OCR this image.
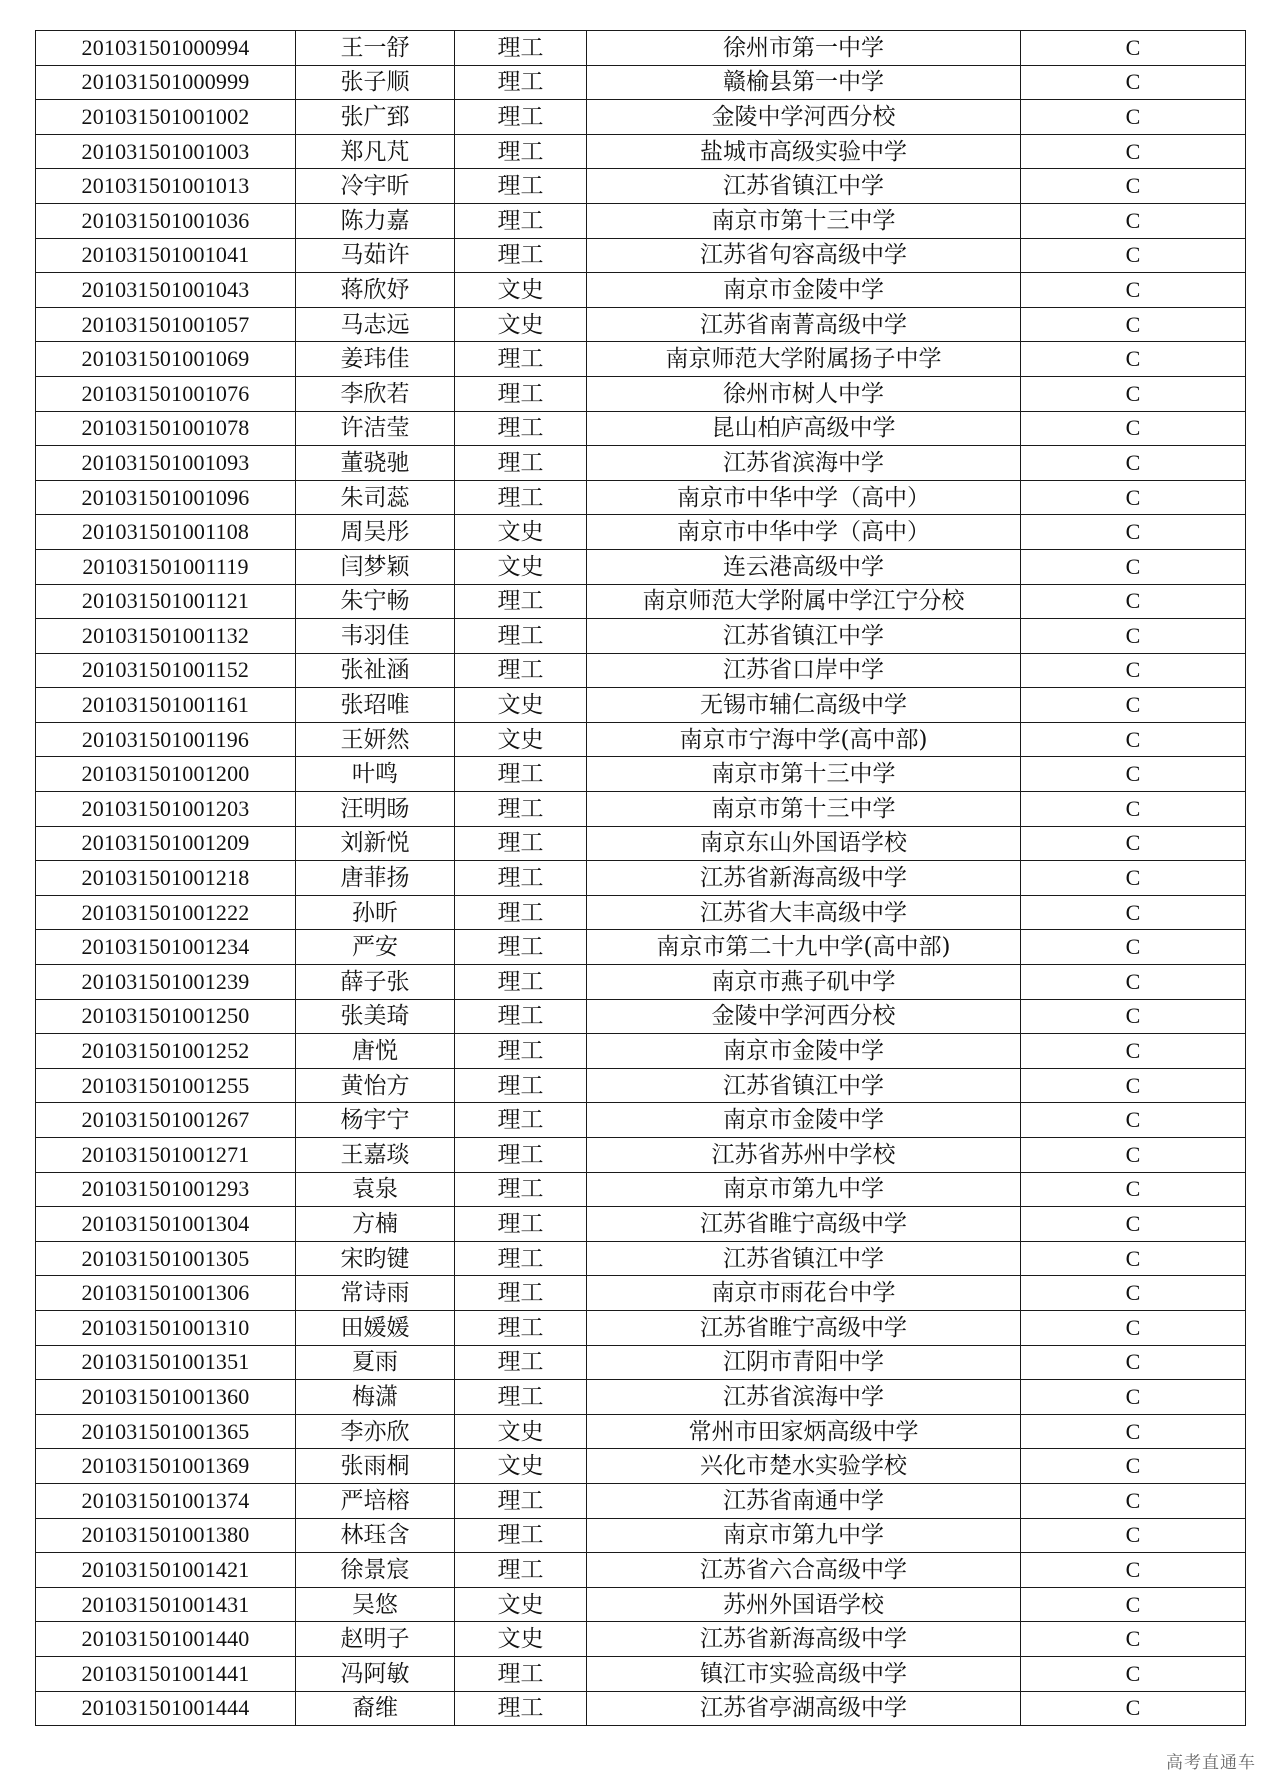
201031501000994	王一舒	理工	徐州市第一中学	C
201031501000999	张子顺	理工	赣榆县第一中学	C
201031501001002	张广郅	理工	金陵中学河西分校	C
201031501001003	郑凡芃	理工	盐城市高级实验中学	C
201031501001013	冷宇昕	理工	江苏省镇江中学	C
201031501001036	陈力嘉	理工	南京市第十三中学	C
201031501001041	马茹许	理工	江苏省句容高级中学	C
201031501001043	蒋欣妤	文史	南京市金陵中学	C
201031501001057	马志远	文史	江苏省南菁高级中学	C
201031501001069	姜玮佳	理工	南京师范大学附属扬子中学	C
201031501001076	李欣若	理工	徐州市树人中学	C
201031501001078	许洁莹	理工	昆山柏庐高级中学	C
201031501001093	董骁驰	理工	江苏省滨海中学	C
201031501001096	朱司蕊	理工	南京市中华中学（高中）	C
201031501001108	周吴彤	文史	南京市中华中学（高中）	C
201031501001119	闫梦颖	文史	连云港高级中学	C
201031501001121	朱宁畅	理工	南京师范大学附属中学江宁分校	C
201031501001132	韦羽佳	理工	江苏省镇江中学	C
201031501001152	张祉涵	理工	江苏省口岸中学	C
201031501001161	张玿唯	文史	无锡市辅仁高级中学	C
201031501001196	王妍然	文史	南京市宁海中学(高中部)	C
201031501001200	叶鸣	理工	南京市第十三中学	C
201031501001203	汪明旸	理工	南京市第十三中学	C
201031501001209	刘新悦	理工	南京东山外国语学校	C
201031501001218	唐菲扬	理工	江苏省新海高级中学	C
201031501001222	孙昕	理工	江苏省大丰高级中学	C
201031501001234	严安	理工	南京市第二十九中学(高中部)	C
201031501001239	薛子张	理工	南京市燕子矶中学	C
201031501001250	张美琦	理工	金陵中学河西分校	C
201031501001252	唐悦	理工	南京市金陵中学	C
201031501001255	黄怡方	理工	江苏省镇江中学	C
201031501001267	杨宇宁	理工	南京市金陵中学	C
201031501001271	王嘉琰	理工	江苏省苏州中学校	C
201031501001293	袁泉	理工	南京市第九中学	C
201031501001304	方楠	理工	江苏省睢宁高级中学	C
201031501001305	宋昀键	理工	江苏省镇江中学	C
201031501001306	常诗雨	理工	南京市雨花台中学	C
201031501001310	田媛媛	理工	江苏省睢宁高级中学	C
201031501001351	夏雨	理工	江阴市青阳中学	C
201031501001360	梅潇	理工	江苏省滨海中学	C
201031501001365	李亦欣	文史	常州市田家炳高级中学	C
201031501001369	张雨桐	文史	兴化市楚水实验学校	C
201031501001374	严培榕	理工	江苏省南通中学	C
201031501001380	林珏含	理工	南京市第九中学	C
201031501001421	徐景宸	理工	江苏省六合高级中学	C
201031501001431	吴悠	文史	苏州外国语学校	C
201031501001440	赵明子	文史	江苏省新海高级中学	C
201031501001441	冯阿敏	理工	镇江市实验高级中学	C
201031501001444	裔维	理工	江苏省亭湖高级中学	C
高考直通车
